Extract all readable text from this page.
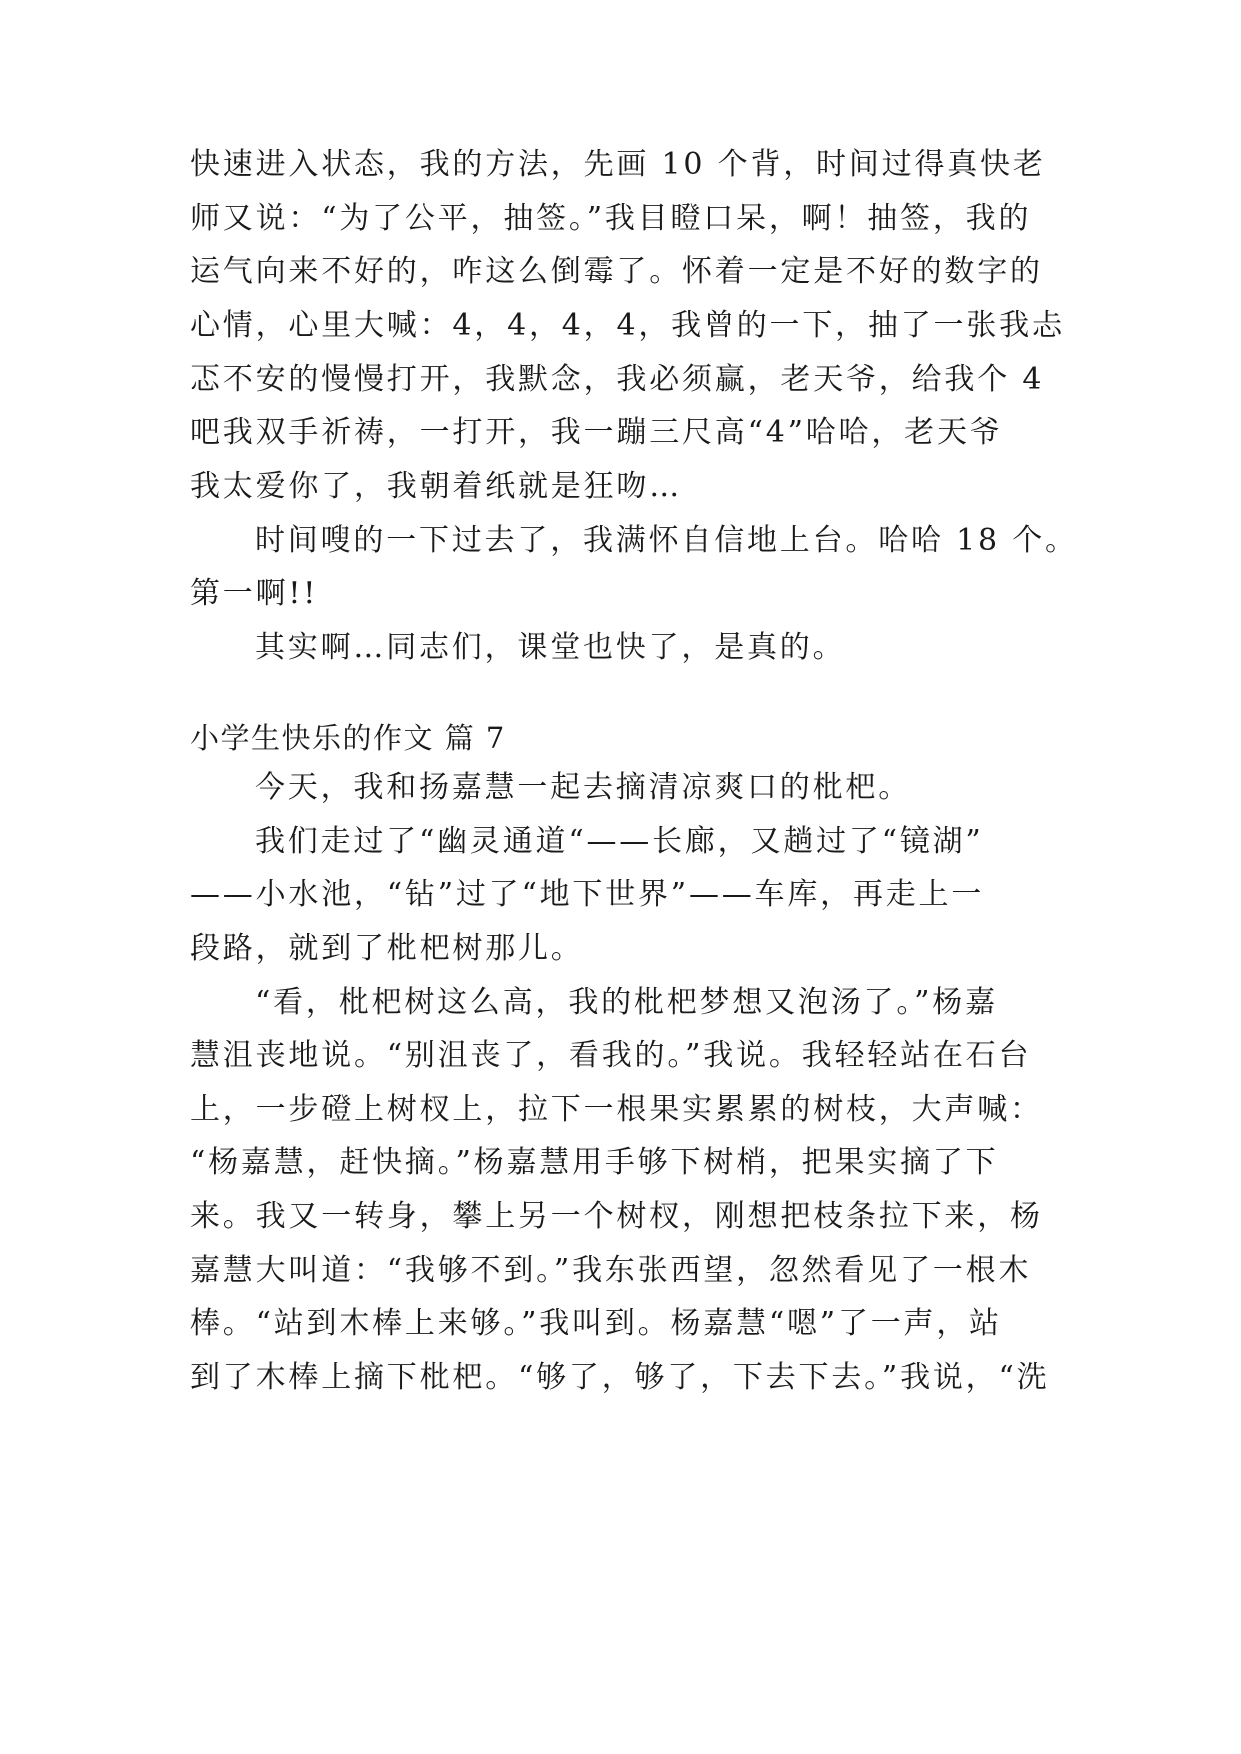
快速进入状态，我的方法，先画 10 个背，时间过得真快老
师又说：“为了公平，抽签。”我目瞪口呆，啊！抽签，我的
运气向来不好的，咋这么倒霉了。怀着一定是不好的数字的
心情，心里大喊：4，4，4，4，我曾的一下，抽了一张我忐
忑不安的慢慢打开，我默念，我必须赢，老天爷，给我个 4
吧我双手祈祷，一打开，我一蹦三尺高“4”哈哈，老天爷
我太爱你了，我朝着纸就是狂吻…
时间嗖的一下过去了，我满怀自信地上台。哈哈 18 个。
第一啊!!
其实啊…同志们，课堂也快了，是真的。
小学生快乐的作文 篇 7
今天，我和扬嘉慧一起去摘清凉爽口的枇杷。
我们走过了“幽灵通道“——长廊，又趟过了“镜湖”
——小水池，“钻”过了“地下世界”——车库，再走上一
段路，就到了枇杷树那儿。
“看，枇杷树这么高，我的枇杷梦想又泡汤了。”杨嘉
慧沮丧地说。“别沮丧了，看我的。”我说。我轻轻站在石台
上，一步磴上树杈上，拉下一根果实累累的树枝，大声喊：
“杨嘉慧，赶快摘。”杨嘉慧用手够下树梢，把果实摘了下
来。我又一转身，攀上另一个树杈，刚想把枝条拉下来，杨
嘉慧大叫道：“我够不到。”我东张西望，忽然看见了一根木
棒。“站到木棒上来够。”我叫到。杨嘉慧“嗯”了一声，站
到了木棒上摘下枇杷。“够了，够了，下去下去。”我说，“洗
